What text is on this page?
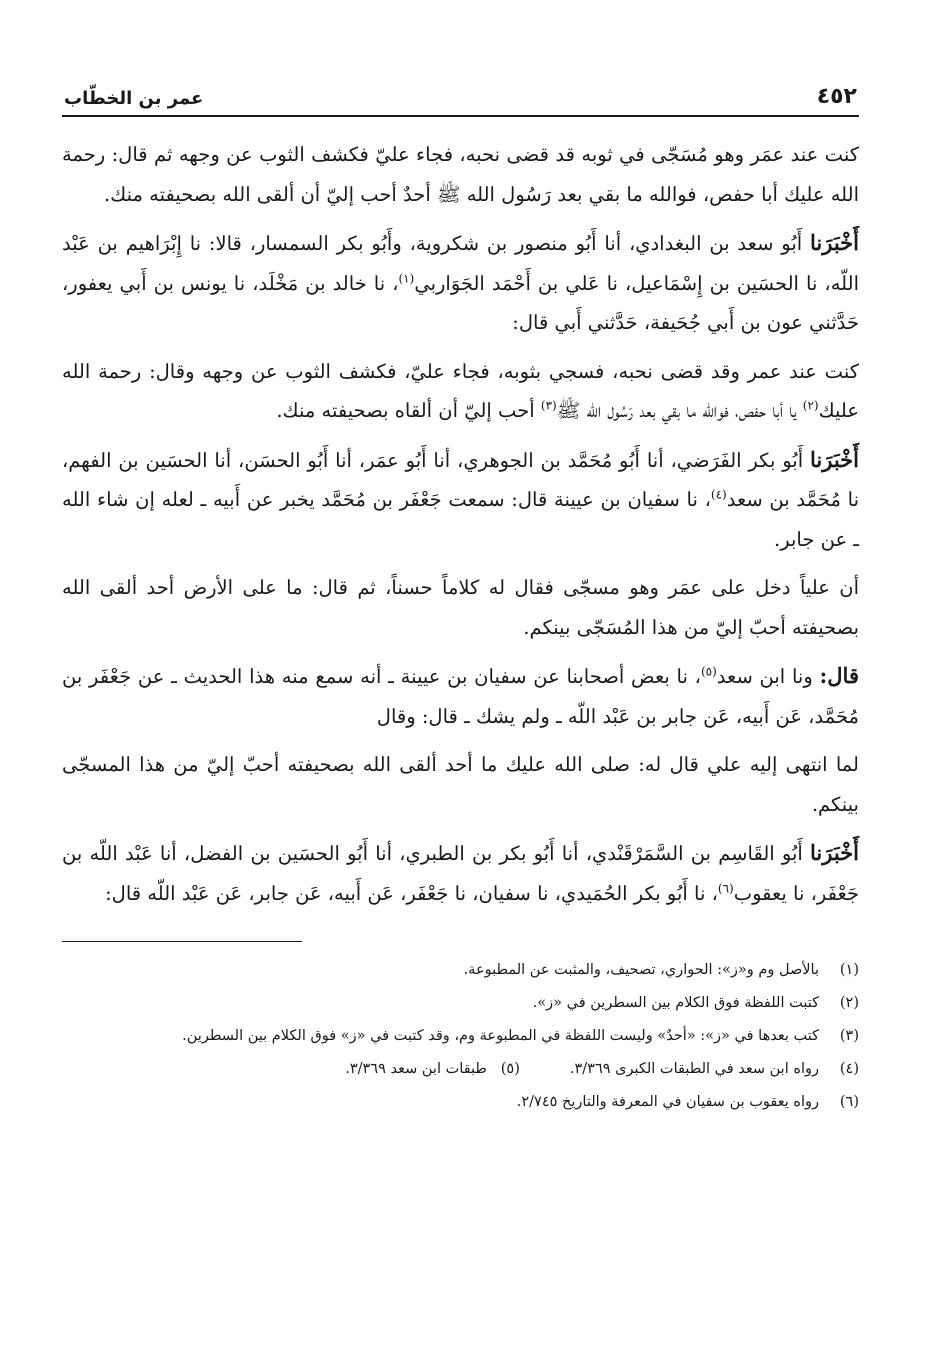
٤٥٢
عمر بن الخطّاب

كنت عند عمَر وهو مُسَجّى في ثوبه قد قضى نحبه، فجاء عليّ فكشف الثوب عن وجهه ثم قال: رحمة الله عليك أبا حفص، فوالله ما بقي بعد رَسُول الله ﷺ أحدٌ أحب إليّ أن ألقى الله بصحيفته منك.

أَخْبَرَنا أَبُو سعد بن البغدادي، أنا أَبُو منصور بن شكروية، وأَبُو بكر السمسار، قالا: نا إِبْرَاهيم بن عَبْد اللّه، نا الحسَين بن إِسْمَاعيل، نا عَلي بن أَحْمَد الجَوَاربي$^{(١)}$، نا خالد بن مَخْلَد، نا يونس بن أَبي يعفور، حَدَّثني عون بن أَبي جُحَيفة، حَدَّثني أَبي قال:

كنت عند عمر وقد قضى نحبه، فسجي بثوبه، فجاء عليّ، فكشف الثوب عن وجهه وقال: رحمة الله عليك$^{(٢)}$ يا أبا حفص، فوالله ما بقي بعد رَسُول الله ﷺ$^{(٣)}$ أحب إليّ أن ألقاه بصحيفته منك.

أَخْبَرَنا أَبُو بكر الفَرَضي، أنا أَبُو مُحَمَّد بن الجوهري، أنا أَبُو عمَر، أنا أَبُو الحسَن، أنا الحسَين بن الفهم، نا مُحَمَّد بن سعد$^{(٤)}$، نا سفيان بن عيينة قال: سمعت جَعْفَر بن مُحَمَّد يخبر عن أَبيه ـ لعله إن شاء الله ـ عن جابر.

أن علياً دخل على عمَر وهو مسجّى فقال له كلاماً حسناً، ثم قال: ما على الأرض أحد ألقى الله بصحيفته أحبّ إليّ من هذا المُسَجّى بينكم.

قال: ونا ابن سعد$^{(٥)}$، نا بعض أصحابنا عن سفيان بن عيينة ـ أنه سمع منه هذا الحديث ـ عن جَعْفَر بن مُحَمَّد، عَن أَبيه، عَن جابر بن عَبْد اللّه ـ ولم يشك ـ قال: وقال

لما انتهى إليه علي قال له: صلى الله عليك ما أحد ألقى الله بصحيفته أحبّ إليّ من هذا المسجّى بينكم.

أَخْبَرَنا أَبُو القَاسِم بن السَّمَرْقَنْدي، أنا أَبُو بكر بن الطبري، أنا أَبُو الحسَين بن الفضل، أنا عَبْد اللّه بن جَعْفَر، نا يعقوب$^{(٦)}$، نا أَبُو بكر الحُمَيدي، نا سفيان، نا جَعْفَر، عَن أَبيه، عَن جابر، عَن عَبْد اللّه قال:

(١)
بالأصل وم و«ز»: الحواري، تصحيف، والمثبت عن المطبوعة.
(٢)
كتبت اللفظة فوق الكلام بين السطرين في «ز».
(٣)
كتب بعدها في «ز»: «أحدٌ» وليست اللفظة في المطبوعة وم، وقد كتبت في «ز» فوق الكلام بين السطرين.
(٤)
رواه ابن سعد في الطبقات الكبرى ٣/٣٦٩.(٥)   طبقات ابن سعد ٣/٣٦٩.
(٦)
رواه يعقوب بن سفيان في المعرفة والتاريخ ٢/٧٤٥.
